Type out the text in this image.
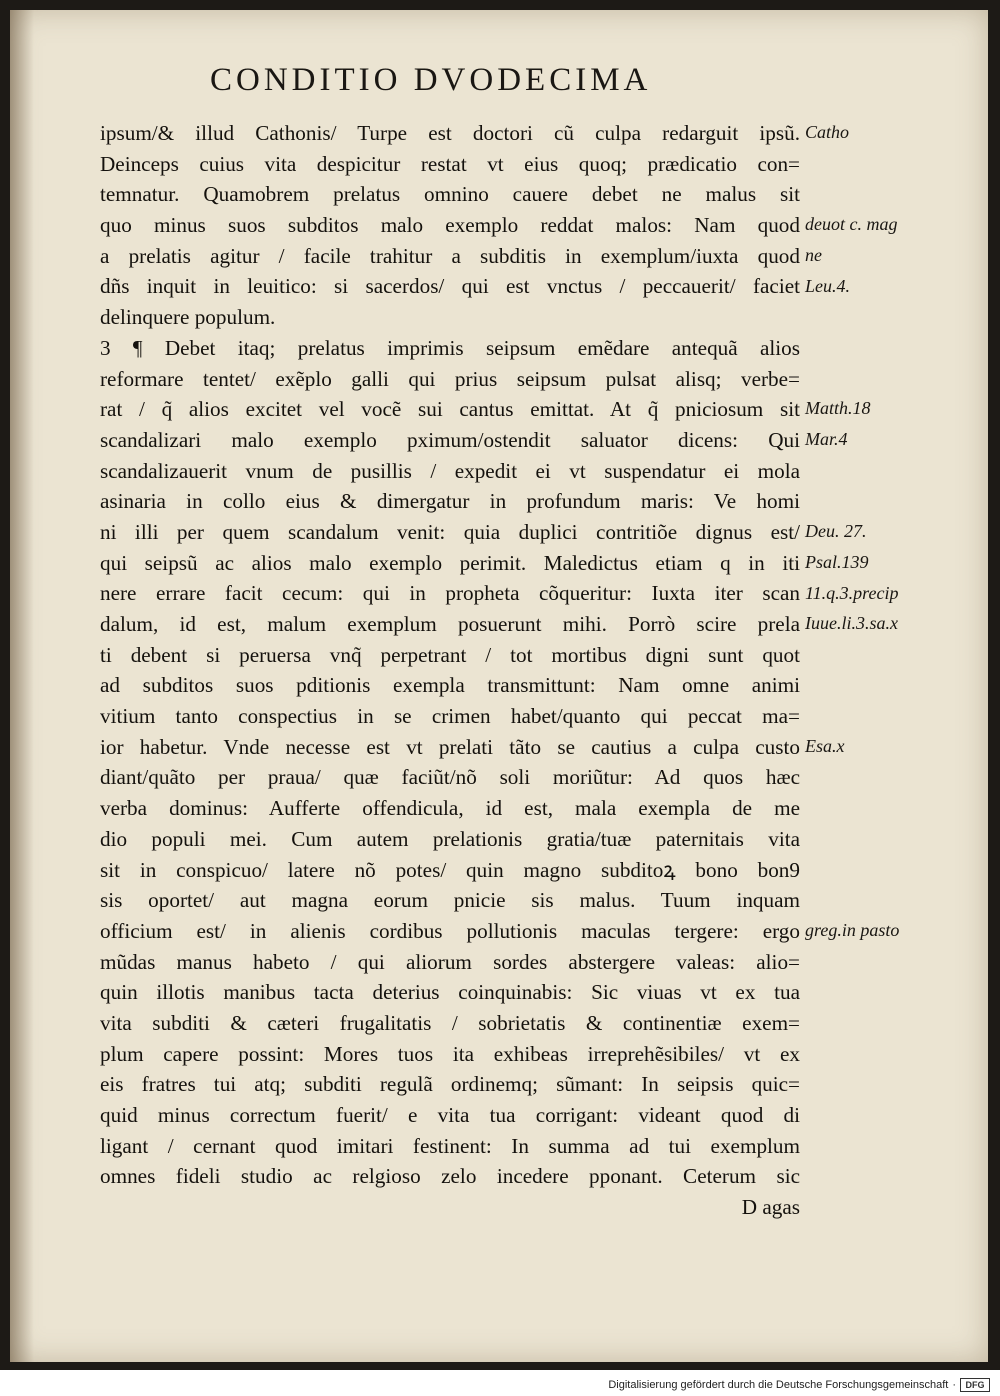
CONDITIO DVODECIMA
ipsum/& illud Cathonis/ Turpe est doctori cũ culpa redarguit ipsũ.
Deinceps cuius vita despicitur restat vt eius quoq; prædicatio con=
temnatur. Quamobrem prelatus omnino cauere debet ne malus sit
quo minus suos subditos malo exemplo reddat malos: Nam quod
a prelatis agitur / facile trahitur a subditis in exemplum/iuxta quod
dñs inquit in leuitico: si sacerdos/ qui est vnctus / peccauerit/ faciet
delinquere populum.
3 ¶ Debet itaq; prelatus imprimis seipsum emẽdare antequã alios
reformare tentet/ exẽplo galli qui prius seipsum pulsat alisq; verbe=
rat / q̃ alios excitet vel vocẽ sui cantus emittat. At q̃ pniciosum sit
scandalizari malo exemplo pximum/ostendit saluator dicens: Qui
scandalizauerit vnum de pusillis / expedit ei vt suspendatur ei mola
asinaria in collo eius & dimergatur in profundum maris: Ve homi
ni illi per quem scandalum venit: quia duplici contritiõe dignus est/
qui seipsũ ac alios malo exemplo perimit. Maledictus etiam q in iti
nere errare facit cecum: qui in propheta cõqueritur: Iuxta iter scan
dalum, id est, malum exemplum posuerunt mihi. Porrò scire prela
ti debent si peruersa vnq̃ perpetrant / tot mortibus digni sunt quot
ad subditos suos pditionis exempla transmittunt: Nam omne animi
vitium tanto conspectius in se crimen habet/quanto qui peccat ma=
ior habetur. Vnde necesse est vt prelati tãto se cautius a culpa custo
diant/quãto per praua/ quæ faciũt/nõ soli moriũtur: Ad quos hæc
verba dominus: Aufferte offendicula, id est, mala exempla de me
dio populi mei. Cum autem prelationis gratia/tuæ paternitais vita
sit in conspicuo/ latere nõ potes/ quin magno subditoꝝ bono bon9
sis oportet/ aut magna eorum pnicie sis malus. Tuum inquam
officium est/ in alienis cordibus pollutionis maculas tergere: ergo
mũdas manus habeto / qui aliorum sordes abstergere valeas: alio=
quin illotis manibus tacta deterius coinquinabis: Sic viuas vt ex tua
vita subditi & cæteri frugalitatis / sobrietatis & continentiæ exem=
plum capere possint: Mores tuos ita exhibeas irreprehẽsibiles/ vt ex
eis fratres tui atq; subditi regulã ordinemq; sũmant: In seipsis quic=
quid minus correctum fuerit/ e vita tua corrigant: videant quod di
ligant / cernant quod imitari festinent: In summa ad tui exemplum
omnes fideli studio ac relgioso zelo incedere pponant. Ceterum sic
D agas
Catho
deuot c. mag
ne
Leu.4.
Matth.18
Mar.4
Deu. 27.
Psal.139
11.q.3.precip
Iuue.li.3.sa.x
Esa.x
greg.in pasto
Digitalisierung gefördert durch die Deutsche Forschungsgemeinschaft ·	DFG
